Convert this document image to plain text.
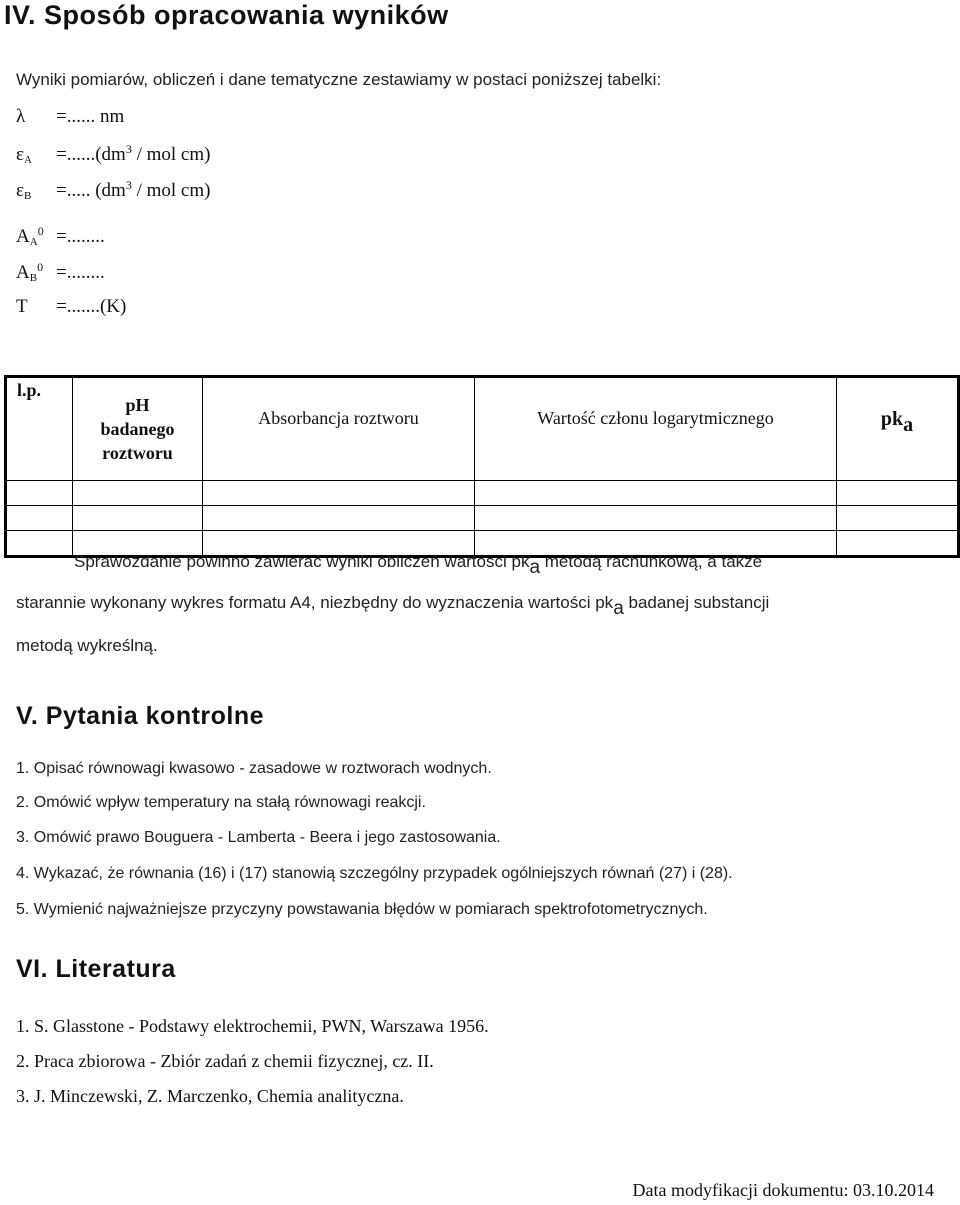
IV. Sposób opracowania wyników
Wyniki pomiarów, obliczeń i dane tematyczne zestawiamy w postaci poniższej tabelki:
λ =...... nm
$\varepsilon_A =......(dm^3$ / mol cm)
$\varepsilon_B$ =..... ($dm^3$ / mol cm)
$A_A^0$ =........
$A_B^0$ =........
T =.......(K)
l.p.	pH
badanego
roztworu	Absorbancja roztworu	Wartość członu logarytmicznego	pka

Sprawozdanie powinno zawierać wyniki obliczeń wartości pka metodą rachunkową, a także
starannie wykonany wykres formatu A4, niezbędny do wyznaczenia wartości pka badanej substancji
metodą wykreślną.
V. Pytania kontrolne
1. Opisać równowagi kwasowo - zasadowe w roztworach wodnych.
2. Omówić wpływ temperatury na stałą równowagi reakcji.
3. Omówić prawo Bouguera - Lamberta - Beera i jego zastosowania.
4. Wykazać, że równania (16) i (17) stanowią szczególny przypadek ogólniejszych równań (27) i (28).
5. Wymienić najważniejsze przyczyny powstawania błędów w pomiarach spektrofotometrycznych.
VI. Literatura
1. S. Glasstone - Podstawy elektrochemii, PWN, Warszawa 1956.
2. Praca zbiorowa - Zbiór zadań z chemii fizycznej, cz. II.
3. J. Minczewski, Z. Marczenko, Chemia analityczna.
Data modyfikacji dokumentu: 03.10.2014
